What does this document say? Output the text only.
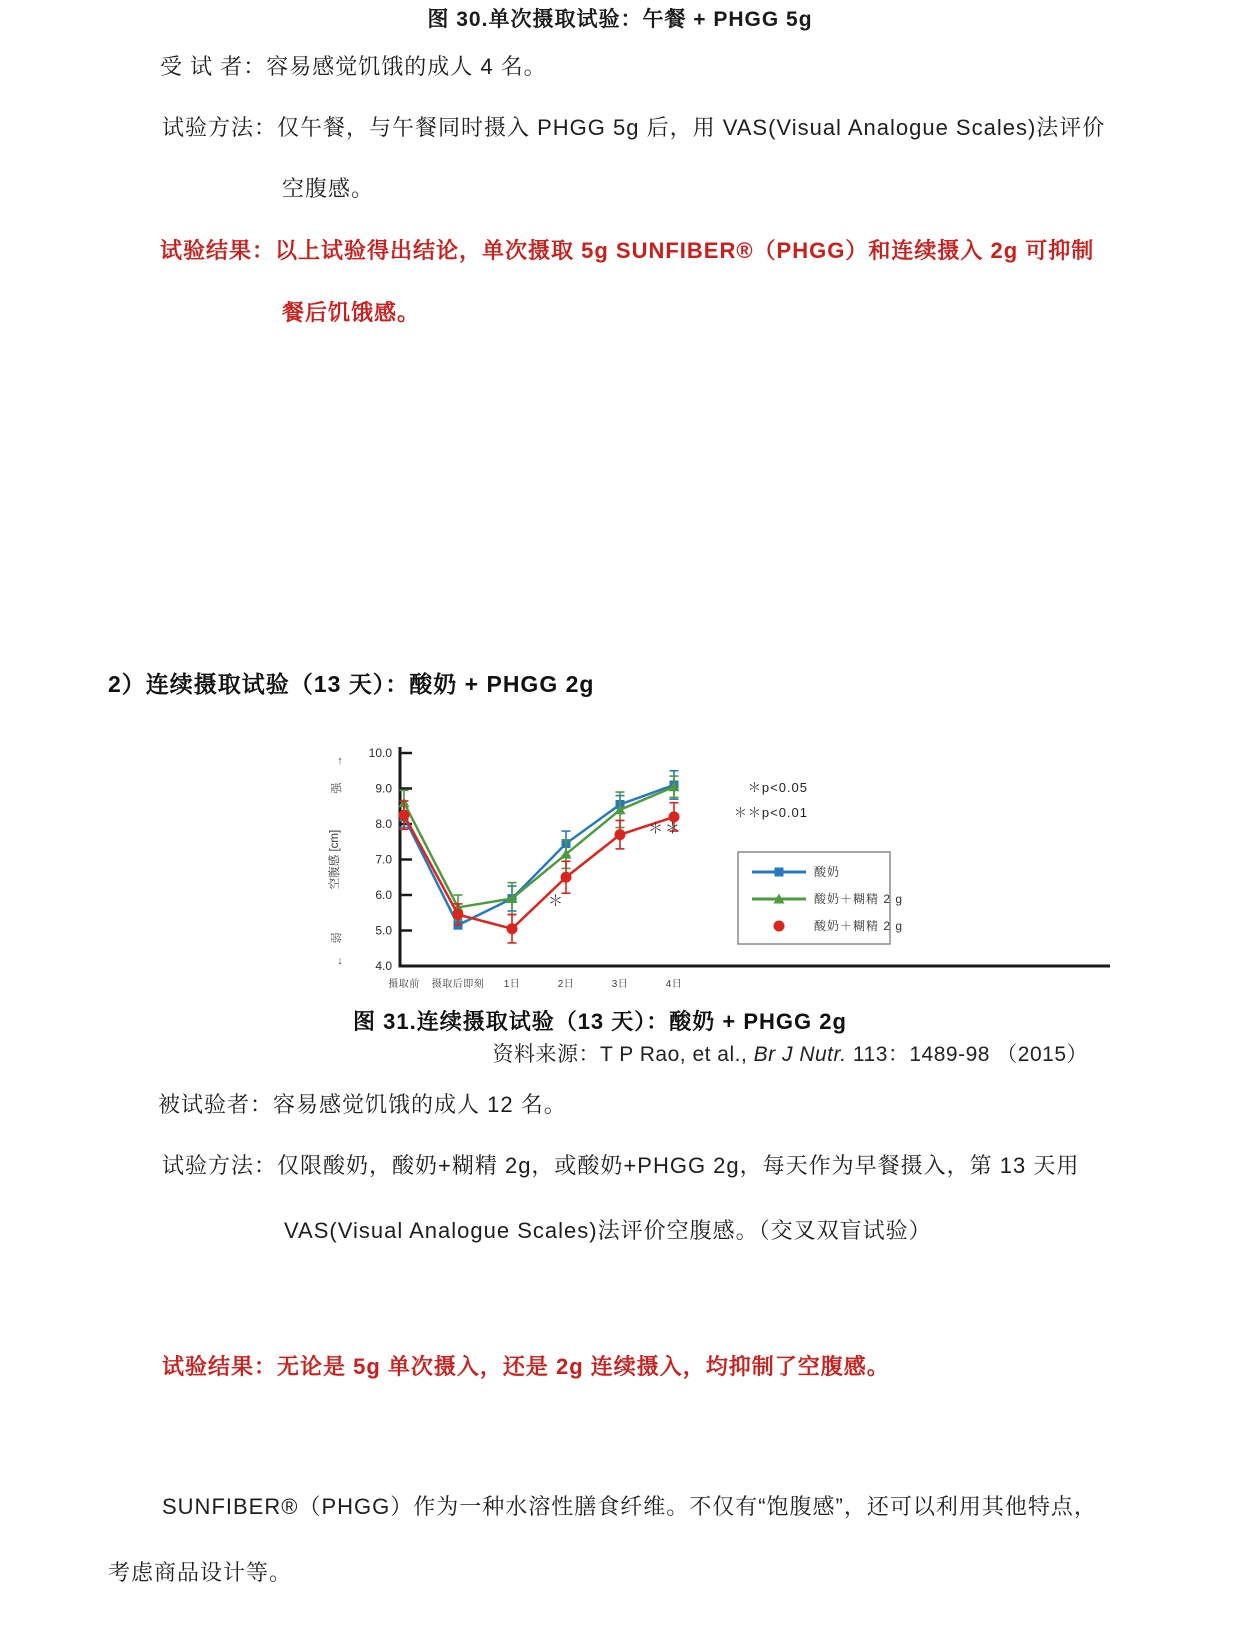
图 30.单次摄取试验：午餐 + PHGG 5g
受 试 者：容易感觉饥饿的成人 4 名。
试验方法：仅午餐，与午餐同时摄入 PHGG 5g 后，用 VAS(Visual Analogue Scales)法评价
空腹感。
试验结果：以上试验得出结论，单次摄取 5g SUNFIBER®（PHGG）和连续摄入 2g 可抑制
餐后饥饿感。
2）连续摄取试验（13 天）：酸奶 + PHGG 2g
10.0
9.0
8.0
7.0
6.0
5.0
4.0
摄取前 摄取后即刻 1日	2日	3日	4日
空腹感 [cm]
↑
强
弱
↓
＊
＊＊
＊p<0.05
＊＊p<0.01
酸奶
酸奶＋糊精 2 g
酸奶＋糊精 2 g
图 31.连续摄取试验（13 天）：酸奶 + PHGG 2g
资料来源：T P Rao, et al., Br J Nutr. 113：1489-98 （2015）
被试验者：容易感觉饥饿的成人 12 名。
试验方法：仅限酸奶，酸奶+糊精 2g，或酸奶+PHGG 2g，每天作为早餐摄入，第 13 天用
VAS(Visual Analogue Scales)法评价空腹感。（交叉双盲试验）
试验结果：无论是 5g 单次摄入，还是 2g 连续摄入，均抑制了空腹感。
SUNFIBER®（PHGG）作为一种水溶性膳食纤维。不仅有“饱腹感”，还可以利用其他特点，
考虑商品设计等。
